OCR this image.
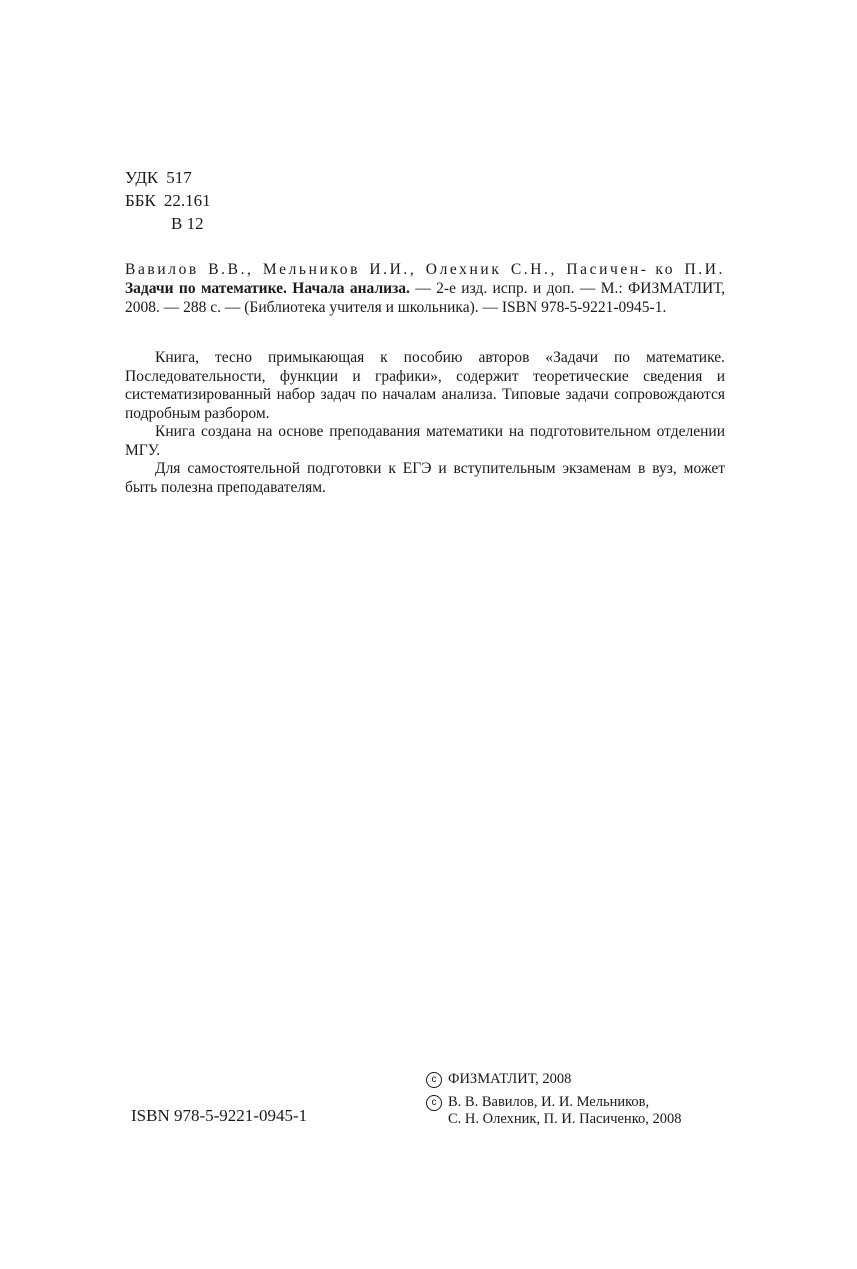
УДК 517
ББК 22.161
В 12

Вавилов В.В., Мельников И.И., Олехник С.Н., Пасичен- ко П.И. Задачи по математике. Начала анализа. — 2-е изд. испр. и доп. — М.: ФИЗМАТЛИТ, 2008. — 288 с. — (Библиотека учителя и школьника). — ISBN 978-5-9221-0945-1.

Книга, тесно примыкающая к пособию авторов «Задачи по математике. Последовательности, функции и графики», содержит теоретические сведения и систематизированный набор задач по началам анализа. Типовые задачи сопровождаются подробным разбором.

Книга создана на основе преподавания математики на подготовительном отделении МГУ.

Для самостоятельной подготовки к ЕГЭ и вступительным экзаменам в вуз, может быть полезна преподавателям.

ISBN 978-5-9221-0945-1
c ФИЗМАТЛИТ, 2008
c В. В. Вавилов, И. И. Мельников,
С. Н. Олехник, П. И. Пасиченко, 2008
